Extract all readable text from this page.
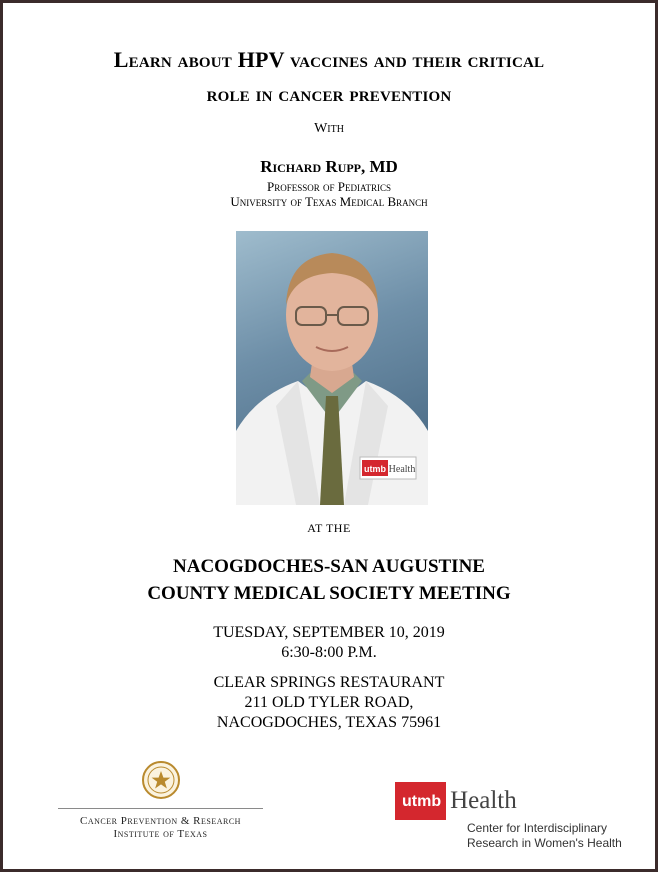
Learn about HPV vaccines and their critical
role in cancer prevention
With
Richard Rupp, MD
Professor of Pediatrics
University of Texas Medical Branch
utmb Health
AT THE
NACOGDOCHES-SAN AUGUSTINE
COUNTY MEDICAL SOCIETY MEETING
TUESDAY, SEPTEMBER 10, 2019
6:30-8:00 P.M.
CLEAR SPRINGS RESTAURANT
211 OLD TYLER ROAD,
NACOGDOCHES, TEXAS 75961
Cancer Prevention & Research
Institute of Texas
utmb Health
Center for Interdisciplinary
Research in Women's Health
